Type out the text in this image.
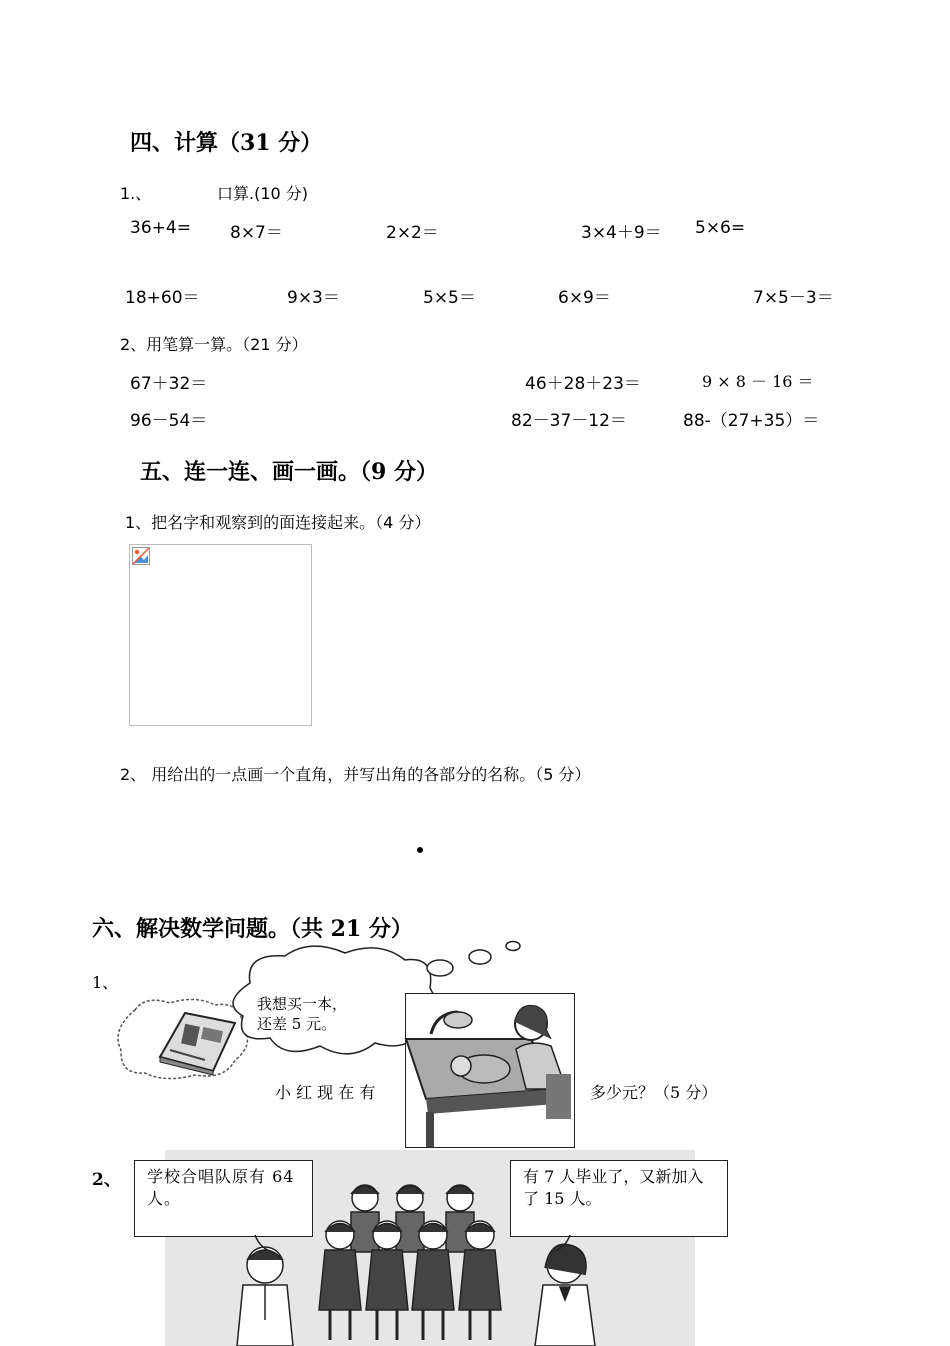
四、计算（31 分）
1.、	口算.(10 分)
36+4= 8×7＝	2×2＝	3×4＋9＝ 5×6=
18+60＝	9×3＝	5×5＝	6×9＝	7×5－3＝
2、用笔算一算。（21 分）
67＋32＝	46＋28＋23＝	9 × 8 － 16 ＝
96－54＝	82－37－12＝	88-（27+35）＝
五、连一连、画一画。（9 分）
1、把名字和观察到的面连接起来。（4 分）
2、 用给出的一点画一个直角，并写出角的各部分的名称。（5 分）
六、解决数学问题。（共 21 分）
1、
我想买一本，
还差 5 元。
小 红 现 在 有	多少元？（5 分）
2、 学校合唱队原有 64 人。
有 7 人毕业了，又新加入了 15 人。
